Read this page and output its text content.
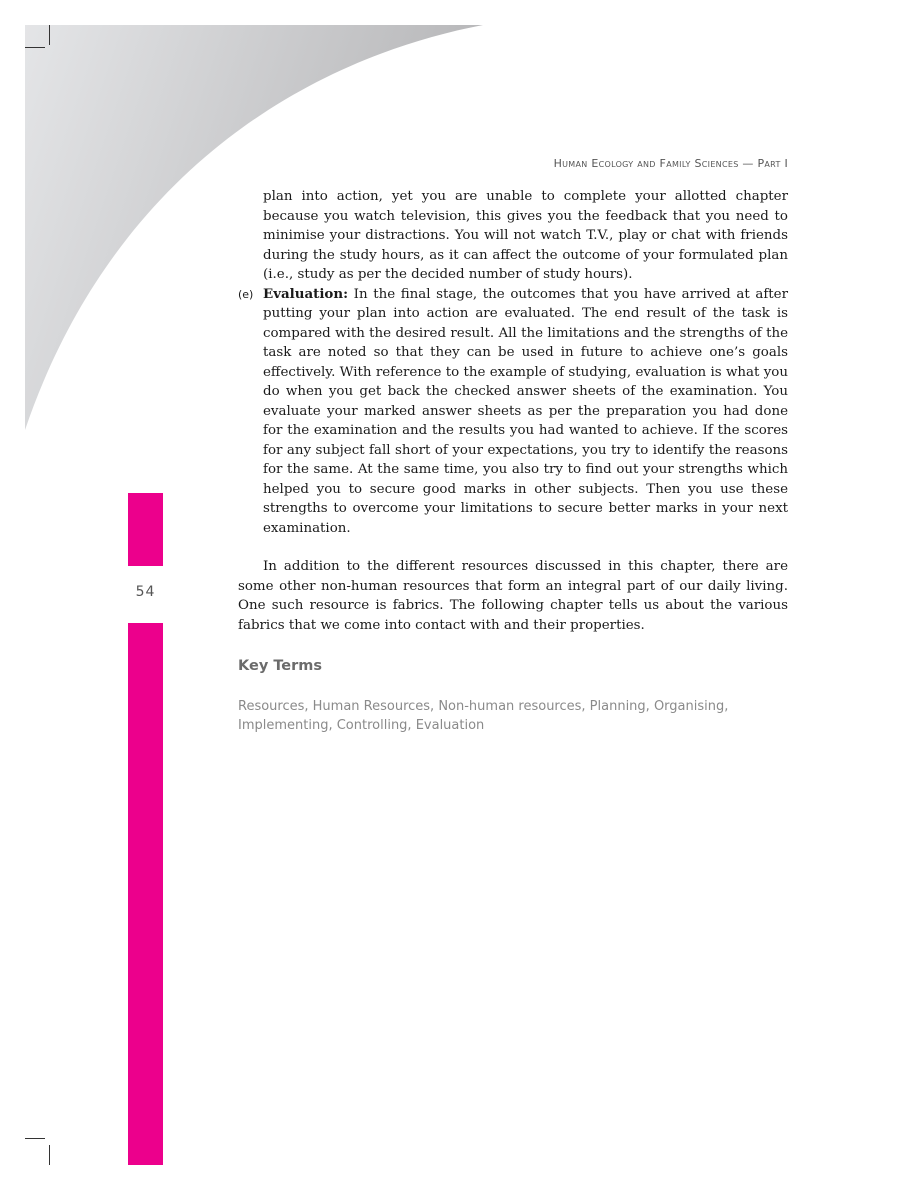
54
Human Ecology and Family Sciences — Part I
plan into action, yet you are unable to complete your allotted chapter because you watch television, this gives you the feedback that you need to minimise your distractions. You will not watch T.V., play or chat with friends during the study hours, as it can affect the outcome of your formulated plan (i.e., study as per the decided number of study hours).
(e) Evaluation: In the final stage, the outcomes that you have arrived at after putting your plan into action are evaluated. The end result of the task is compared with the desired result. All the limitations and the strengths of the task are noted so that they can be used in future to achieve one’s goals effectively. With reference to the example of studying, evaluation is what you do when you get back the checked answer sheets of the examination. You evaluate your marked answer sheets as per the preparation you had done for the examination and the results you had wanted to achieve. If the scores for any subject fall short of your expectations, you try to identify the reasons for the same. At the same time, you also try to find out your strengths which helped you to secure good marks in other subjects. Then you use these strengths to overcome your limitations to secure better marks in your next examination.
In addition to the different resources discussed in this chapter, there are some other non-human resources that form an integral part of our daily living. One such resource is fabrics. The following chapter tells us about the various fabrics that we come into contact with and their properties.
Key Terms
Resources, Human Resources, Non-human resources, Planning, Organising, Implementing, Controlling, Evaluation
